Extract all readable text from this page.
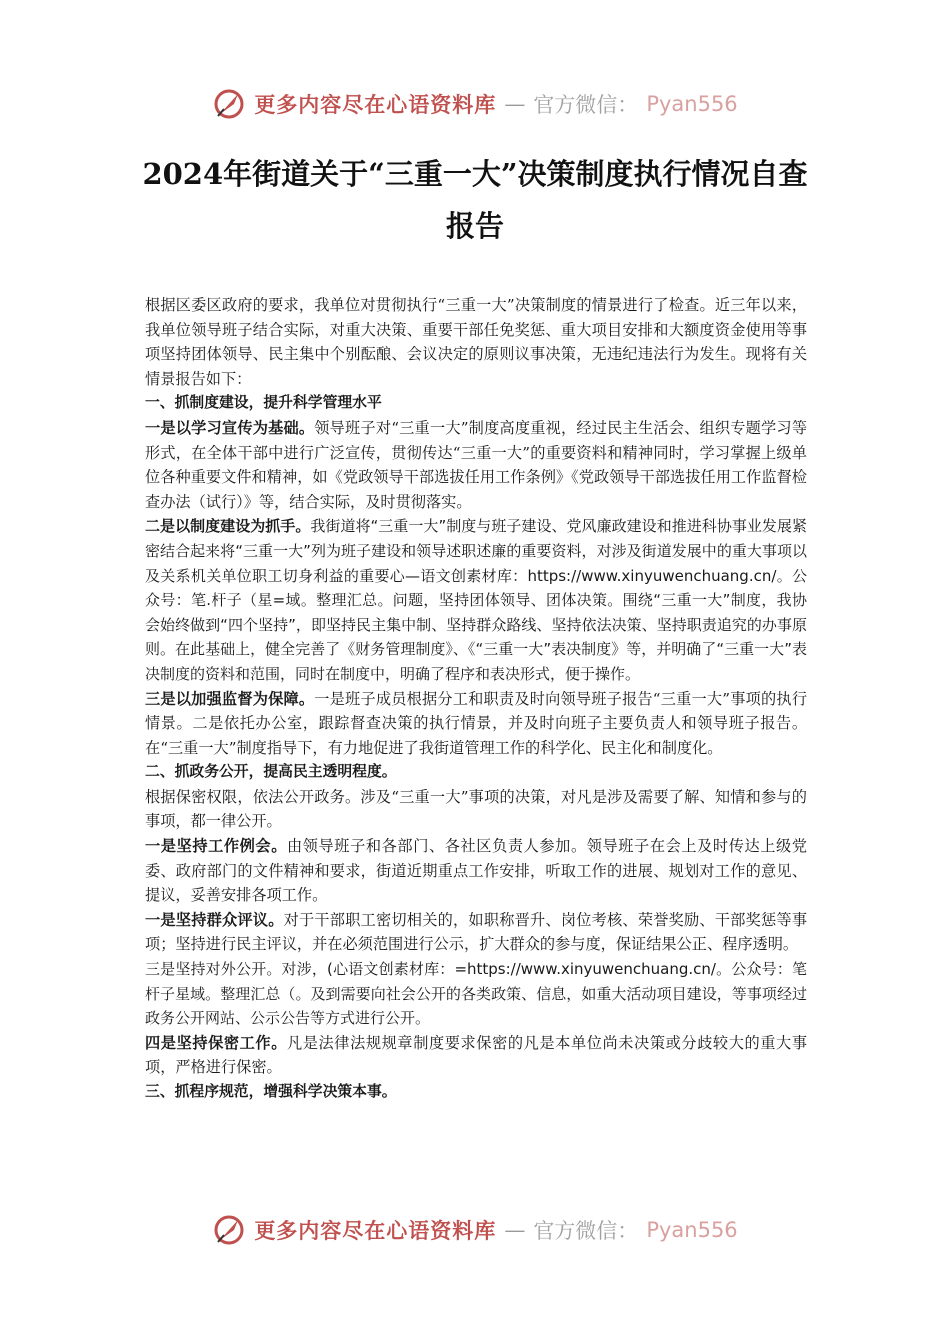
更多内容尽在心语资料库 — 官方微信： Pyan556
2024年街道关于“三重一大”决策制度执行情况自查报告

根据区委区政府的要求，我单位对贯彻执行“三重一大”决策制度的情景进行了检查。近三年以来，我单位领导班子结合实际，对重大决策、重要干部任免奖惩、重大项目安排和大额度资金使用等事项坚持团体领导、民主集中个别酝酿、会议决定的原则议事决策，无违纪违法行为发生。现将有关情景报告如下：

一、抓制度建设，提升科学管理水平

一是以学习宣传为基础。领导班子对“三重一大”制度高度重视，经过民主生活会、组织专题学习等形式，在全体干部中进行广泛宣传，贯彻传达“三重一大”的重要资料和精神同时，学习掌握上级单位各种重要文件和精神，如《党政领导干部选拔任用工作条例》《党政领导干部选拔任用工作监督检查办法（试行）》等，结合实际，及时贯彻落实。

二是以制度建设为抓手。我街道将“三重一大”制度与班子建设、党风廉政建设和推进科协事业发展紧密结合起来将“三重一大”列为班子建设和领导述职述廉的重要资料，对涉及街道发展中的重大事项以及关系机关单位职工切身利益的重要心—语文创素材库：https://www.xinyuwenchuang.cn/。公众号：笔.杆子（星=域。整理汇总。问题，坚持团体领导、团体决策。围绕“三重一大”制度，我协会始终做到“四个坚持”，即坚持民主集中制、坚持群众路线、坚持依法决策、坚持职责追究的办事原则。在此基础上，健全完善了《财务管理制度》、《“三重一大”表决制度》等，并明确了“三重一大”表决制度的资料和范围，同时在制度中，明确了程序和表决形式，便于操作。

三是以加强监督为保障。一是班子成员根据分工和职责及时向领导班子报告“三重一大”事项的执行情景。二是依托办公室，跟踪督查决策的执行情景，并及时向班子主要负责人和领导班子报告。在“三重一大”制度指导下，有力地促进了我街道管理工作的科学化、民主化和制度化。

二、抓政务公开，提高民主透明程度。

根据保密权限，依法公开政务。涉及“三重一大”事项的决策，对凡是涉及需要了解、知情和参与的事项，都一律公开。

一是坚持工作例会。由领导班子和各部门、各社区负责人参加。领导班子在会上及时传达上级党委、政府部门的文件精神和要求，街道近期重点工作安排，听取工作的进展、规划对工作的意见、提议，妥善安排各项工作。

一是坚持群众评议。对于干部职工密切相关的，如职称晋升、岗位考核、荣誉奖励、干部奖惩等事项；坚持进行民主评议，并在必须范围进行公示，扩大群众的参与度，保证结果公正、程序透明。

三是坚持对外公开。对涉，(心语文创素材库：=https://www.xinyuwenchuang.cn/。公众号：笔杆子星域。整理汇总（。及到需要向社会公开的各类政策、信息，如重大活动项目建设，等事项经过政务公开网站、公示公告等方式进行公开。

四是坚持保密工作。凡是法律法规规章制度要求保密的凡是本单位尚未决策或分歧较大的重大事项，严格进行保密。

三、抓程序规范，增强科学决策本事。

更多内容尽在心语资料库 — 官方微信： Pyan556
